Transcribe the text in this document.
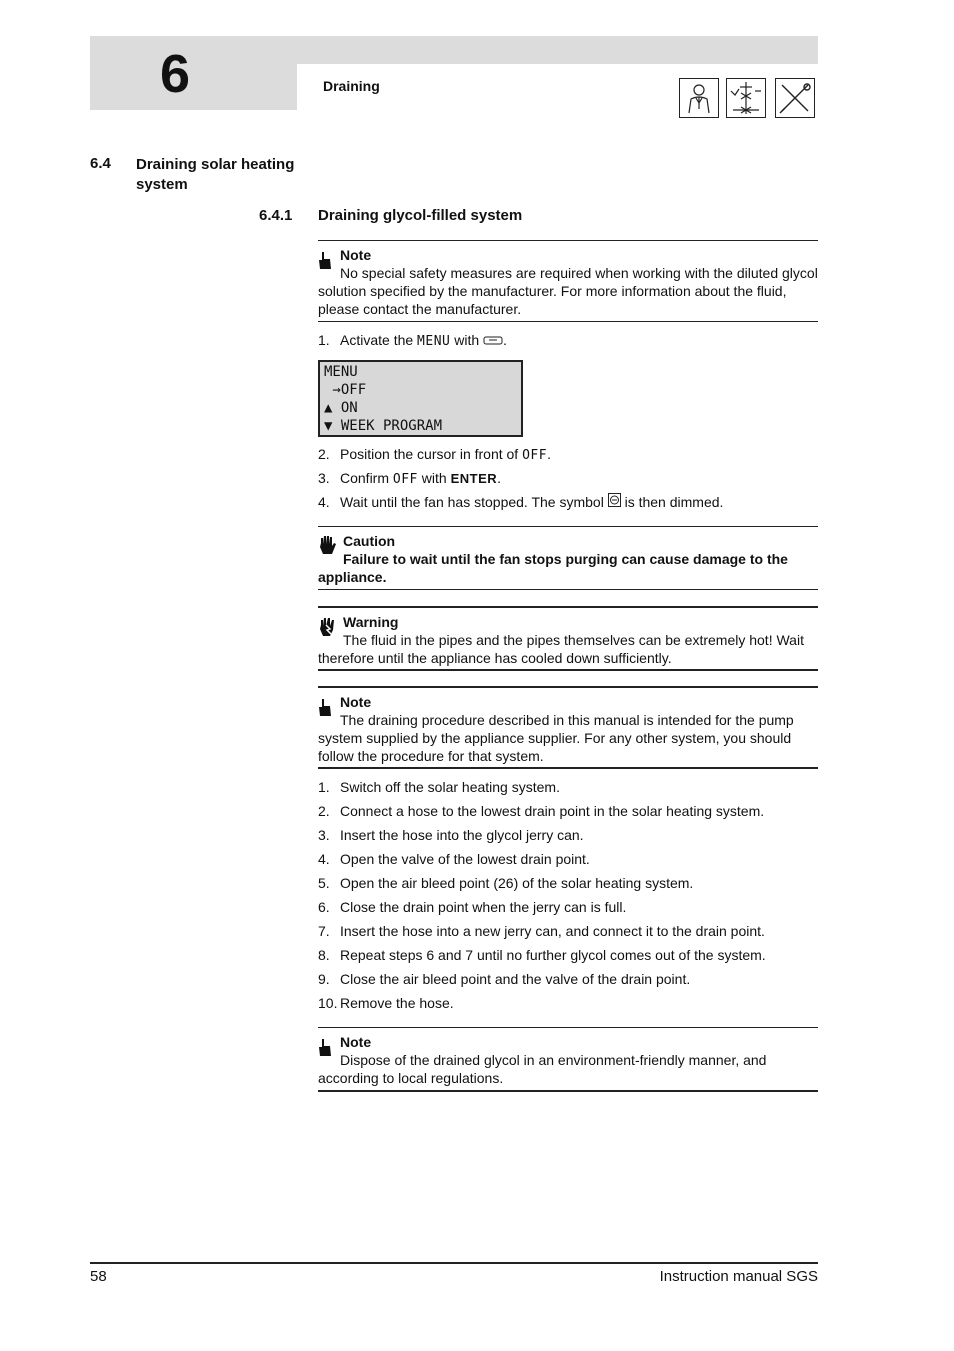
6	Draining
6.4 Draining solar heating system
6.4.1 Draining glycol-filled system
Note
No special safety measures are required when working with the diluted glycol solution specified by the manufacturer. For more information about the fluid, please contact the manufacturer.
1. Activate the MENU with .
MENU
→OFF
▲ ON
▼ WEEK PROGRAM
2. Position the cursor in front of OFF.
3. Confirm OFF with ENTER.
4. Wait until the fan has stopped. The symbol  is then dimmed.
Caution
Failure to wait until the fan stops purging can cause damage to the appliance.
Warning
The fluid in the pipes and the pipes themselves can be extremely hot! Wait therefore until the appliance has cooled down sufficiently.
Note
The draining procedure described in this manual is intended for the pump system supplied by the appliance supplier. For any other system, you should follow the procedure for that system.
1. Switch off the solar heating system.
2. Connect a hose to the lowest drain point in the solar heating system.
3. Insert the hose into the glycol jerry can.
4. Open the valve of the lowest drain point.
5. Open the air bleed point (26) of the solar heating system.
6. Close the drain point when the jerry can is full.
7. Insert the hose into a new jerry can, and connect it to the drain point.
8. Repeat steps 6 and 7 until no further glycol comes out of the system.
9. Close the air bleed point and the valve of the drain point.
10. Remove the hose.
Note
Dispose of the drained glycol in an environment-friendly manner, and according to local regulations.
58	Instruction manual SGS
